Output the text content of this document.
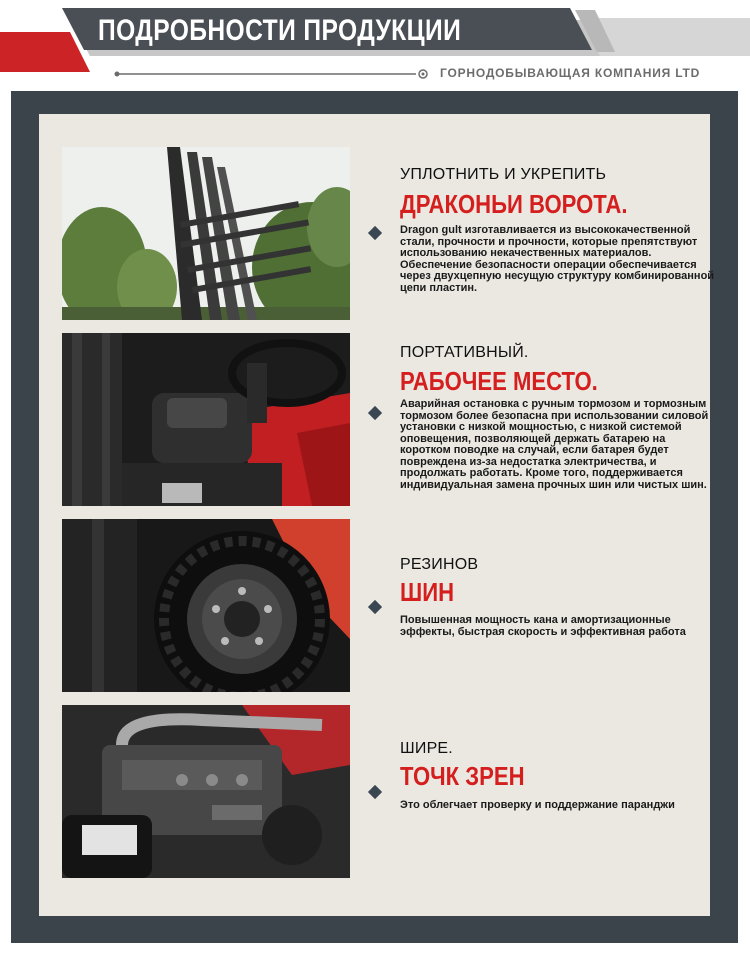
ПОДРОБНОСТИ ПРОДУКЦИИ
ГОРНОДОБЫВАЮЩАЯ КОМПАНИЯ LTD
УПЛОТНИТЬ И УКРЕПИТЬ
ДРАКОНЬИ ВОРОТА.
Dragon gult изготавливается из высококачественной стали, прочности и прочности, которые препятствуют использованию некачественных материалов. Обеспечение безопасности операции обеспечивается через двухцепную несущую структуру комбинированной цепи пластин.
ПОРТАТИВНЫЙ.
РАБОЧЕЕ МЕСТО.
Аварийная остановка с ручным тормозом и тормозным тормозом более безопасна при использовании силовой установки с низкой мощностью, с низкой системой оповещения, позволяющей держать батарею на коротком поводке на случай, если батарея будет повреждена из-за недостатка электричества, и продолжать работать. Кроме того, поддерживается индивидуальная замена прочных шин или чистых шин.
РЕЗИНОВ
ШИН
Повышенная мощность кана и амортизационные эффекты, быстрая скорость и эффективная работа
ШИРЕ.
ТОЧК ЗРЕН
Это облегчает проверку и поддержание паранджи
